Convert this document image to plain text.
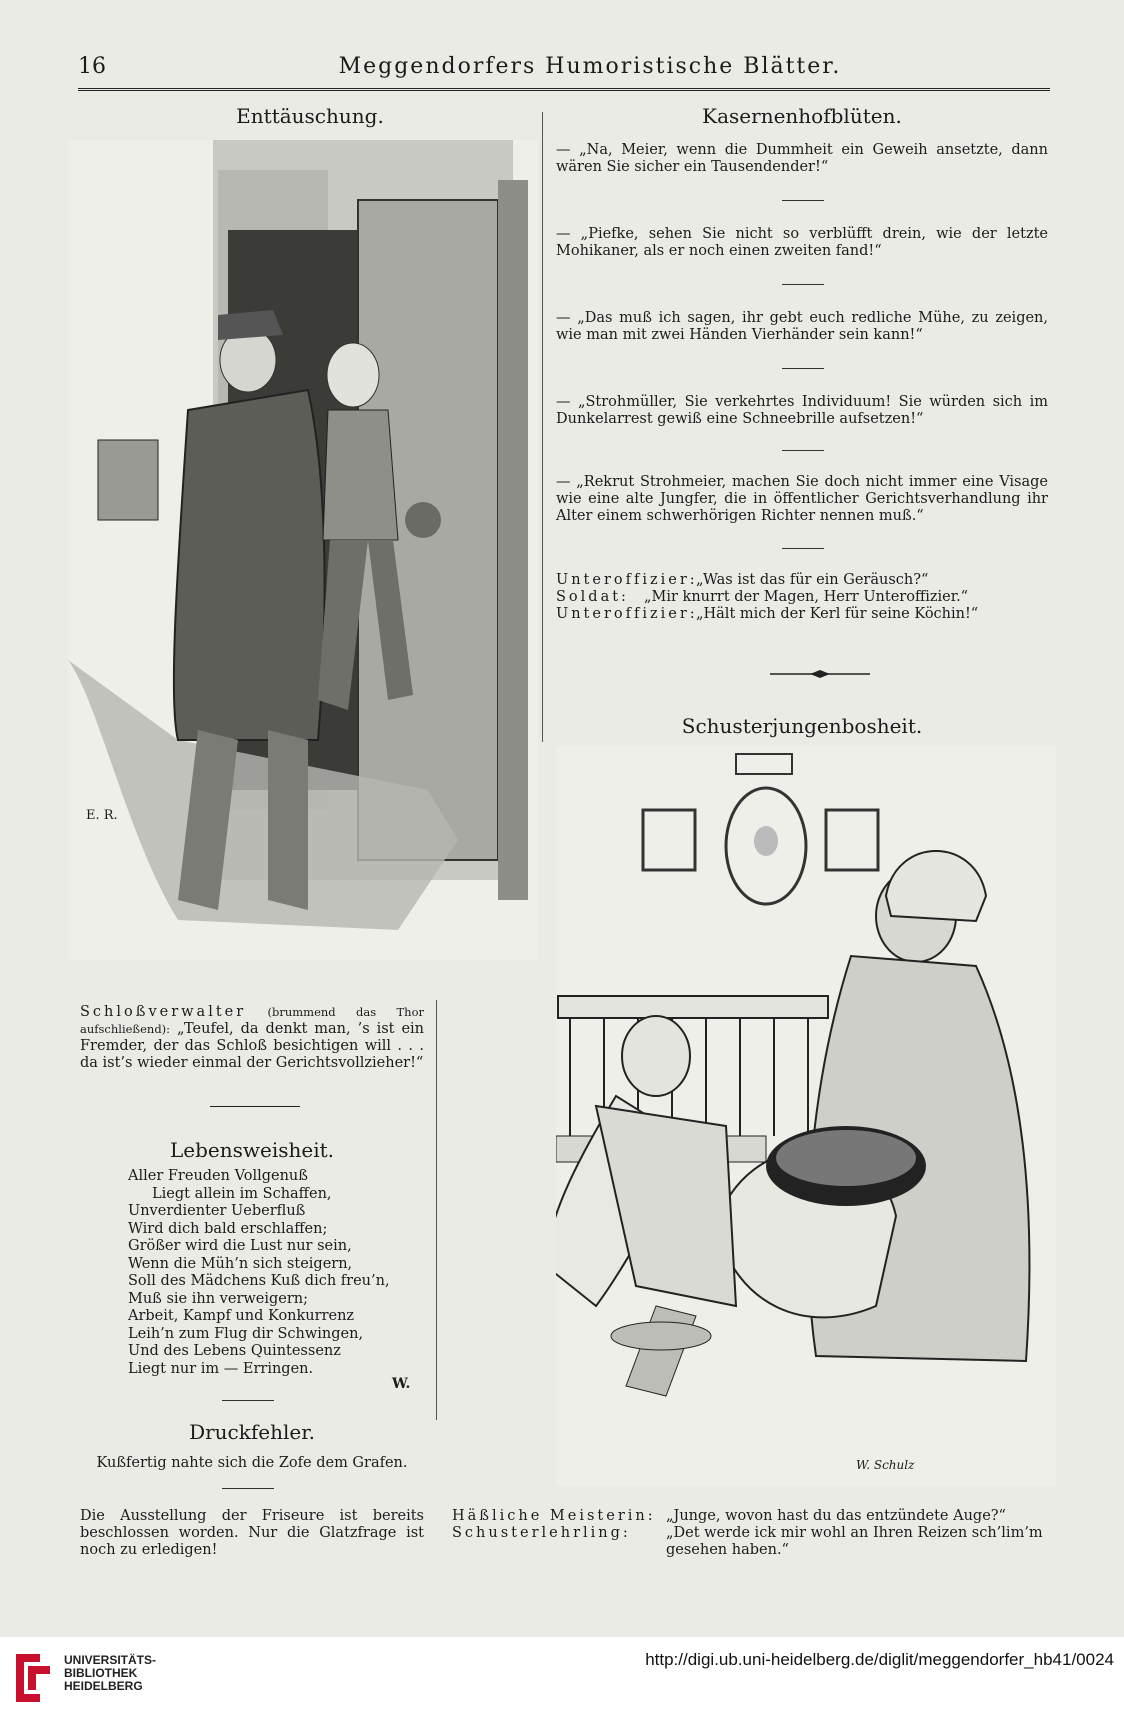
16	Meggendorfers Humoristische Blätter.
Enttäuschung.
E. R.

Schloßverwalter (brummend das Thor aufschließend): „Teufel, da denkt man, ’s ist ein Fremder, der das Schloß besichtigen will . . . da ist’s wieder einmal der Gerichtsvollzieher!“

Lebensweisheit.
Aller Freuden Vollgenuß
Liegt allein im Schaffen,
Unverdienter Ueberfluß
Wird dich bald erschlaffen;
Größer wird die Lust nur sein,
Wenn die Müh’n sich steigern,
Soll des Mädchens Kuß dich freu’n,
Muß sie ihn verweigern;
Arbeit, Kampf und Konkurrenz
Leih’n zum Flug dir Schwingen,
Und des Lebens Quintessenz
Liegt nur im — Erringen.
W.
Druckfehler.
Kußfertig nahte sich die Zofe dem Grafen.

Die Ausstellung der Friseure ist bereits beschlossen worden. Nur die Glatzfrage ist noch zu erledigen!

Kasernenhofblüten.

— „Na, Meier, wenn die Dummheit ein Geweih ansetzte, dann wären Sie sicher ein Tausendender!“

— „Piefke, sehen Sie nicht so verblüfft drein, wie der letzte Mohikaner, als er noch einen zweiten fand!“

— „Das muß ich sagen, ihr gebt euch redliche Mühe, zu zeigen, wie man mit zwei Händen Vierhänder sein kann!“

— „Strohmüller, Sie verkehrtes Individuum! Sie würden sich im Dunkelarrest gewiß eine Schneebrille aufsetzen!“

— „Rekrut Strohmeier, machen Sie doch nicht immer eine Visage wie eine alte Jungfer, die in öffentlicher Gerichtsverhandlung ihr Alter einem schwerhörigen Richter nennen muß.“

Unteroffizier:„Was ist das für ein Geräusch?“
Soldat: „Mir knurrt der Magen, Herr Unteroffizier.“
Unteroffizier:„Hält mich der Kerl für seine Köchin!“
Schusterjungenbosheit.
W. Schulz
Häßliche Meisterin: „Junge, wovon hast du das entzündete Auge?“
Schusterlehrling: „Det werde ick mir wohl an Ihren Reizen sch’lim’m gesehen haben.“
UNIVERSITÄTS-
BIBLIOTHEK
HEIDELBERG
http://digi.ub.uni-heidelberg.de/diglit/meggendorfer_hb41/0024
